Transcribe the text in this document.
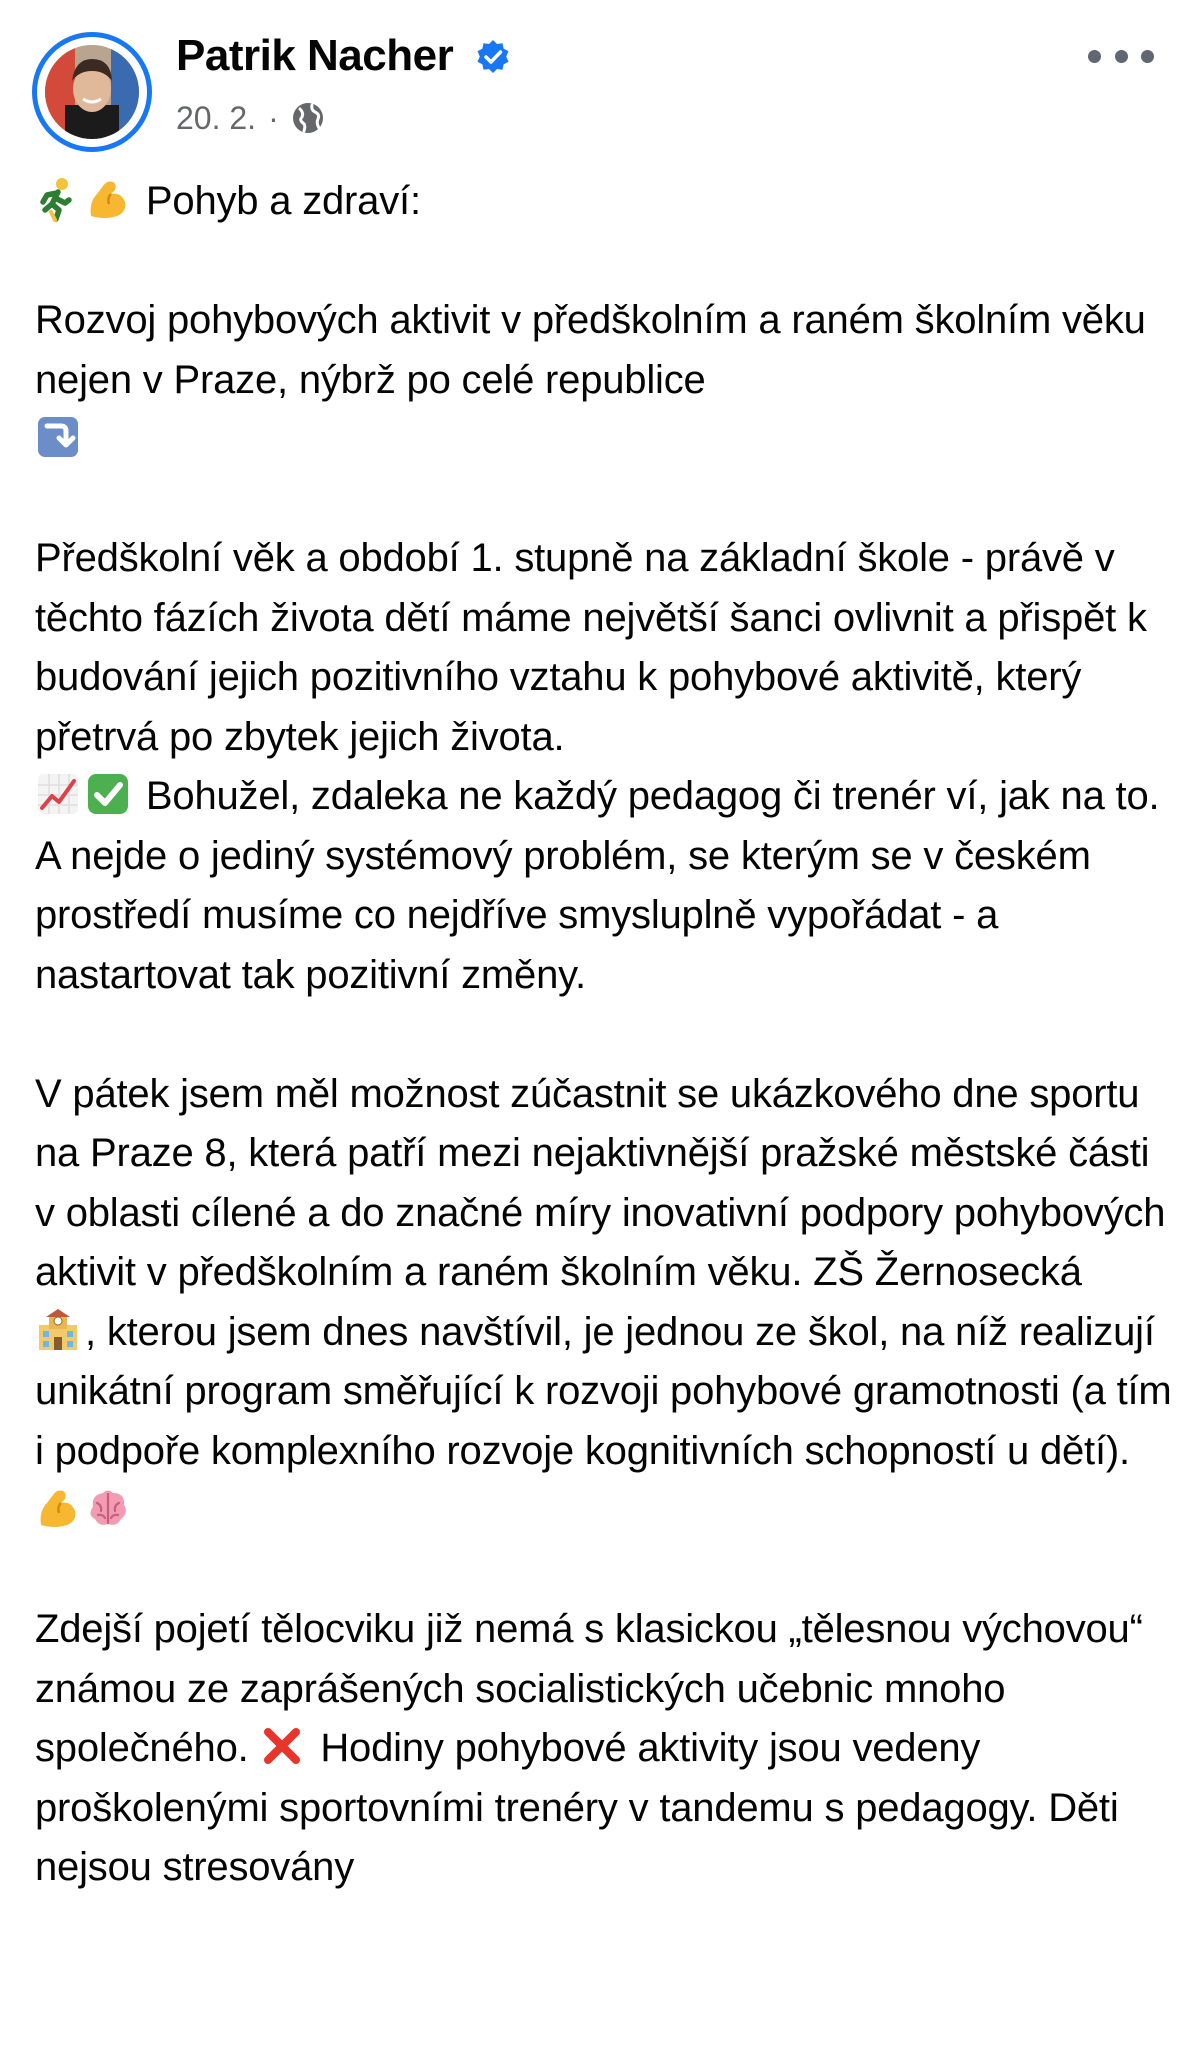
Patrik Nacher
20. 2. ·

Pohyb a zdraví:

Rozvoj pohybových aktivit v předškolním a raném školním věku nejen v Praze, nýbrž po celé republice

Předškolní věk a období 1. stupně na základní škole - právě v těchto fázích života dětí máme největší šanci ovlivnit a přispět k budování jejich pozitivního vztahu k pohybové aktivitě, který přetrvá po zbytek jejich života.

Bohužel, zdaleka ne každý pedagog či trenér ví, jak na to. A nejde o jediný systémový problém, se kterým se v českém prostředí musíme co nejdříve smysluplně vypořádat - a nastartovat tak pozitivní změny.

V pátek jsem měl možnost zúčastnit se ukázkového dne sportu na Praze 8, která patří mezi nejaktivnější pražské městské části v oblasti cílené a do značné míry inovativní podpory pohybových aktivit v předškolním a raném školním věku. ZŠ Žernosecká

, kterou jsem dnes navštívil, je jednou ze škol, na níž realizují unikátní program směřující k rozvoji pohybové gramotnosti (a tím i podpoře komplexního rozvoje kognitivních schopností u dětí).

Zdejší pojetí tělocviku již nemá s klasickou „tělesnou výchovou“ známou ze zaprášených socialistických učebnic mnoho společného. Hodiny pohybové aktivity jsou vedeny proškolenými sportovními trenéry v tandemu s pedagogy. Děti nejsou stresovány
